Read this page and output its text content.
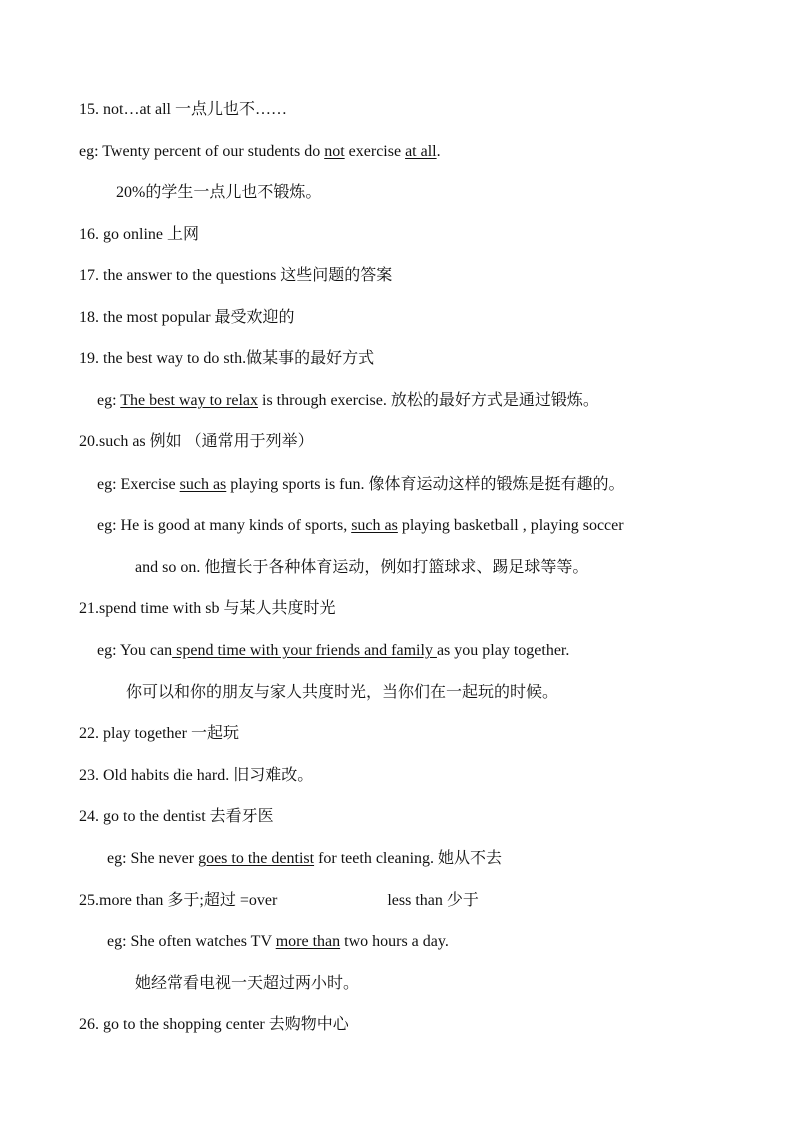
15. not…at all 一点儿也不……
eg: Twenty percent of our students do not exercise at all.
20%的学生一点儿也不锻炼。
16. go online 上网
17. the answer to the questions 这些问题的答案
18. the most popular 最受欢迎的
19. the best way to do sth.做某事的最好方式
eg: The best way to relax is through exercise. 放松的最好方式是通过锻炼。
20.such as 例如 （通常用于列举）
eg: Exercise such as playing sports is fun. 像体育运动这样的锻炼是挺有趣的。
eg: He is good at many kinds of sports, such as playing basketball , playing soccer
and so on. 他擅长于各种体育运动，例如打篮球求、踢足球等等。
21.spend time with sb 与某人共度时光
eg: You can spend time with your friends and family as you play together.
你可以和你的朋友与家人共度时光，当你们在一起玩的时候。
22. play together 一起玩
23. Old habits die hard. 旧习难改。
24. go to the dentist 去看牙医
eg: She never goes to the dentist for teeth cleaning. 她从不去
25.more than 多于;超过 =over	less than 少于
eg: She often watches TV more than two hours a day.
她经常看电视一天超过两小时。
26. go to the shopping center 去购物中心
